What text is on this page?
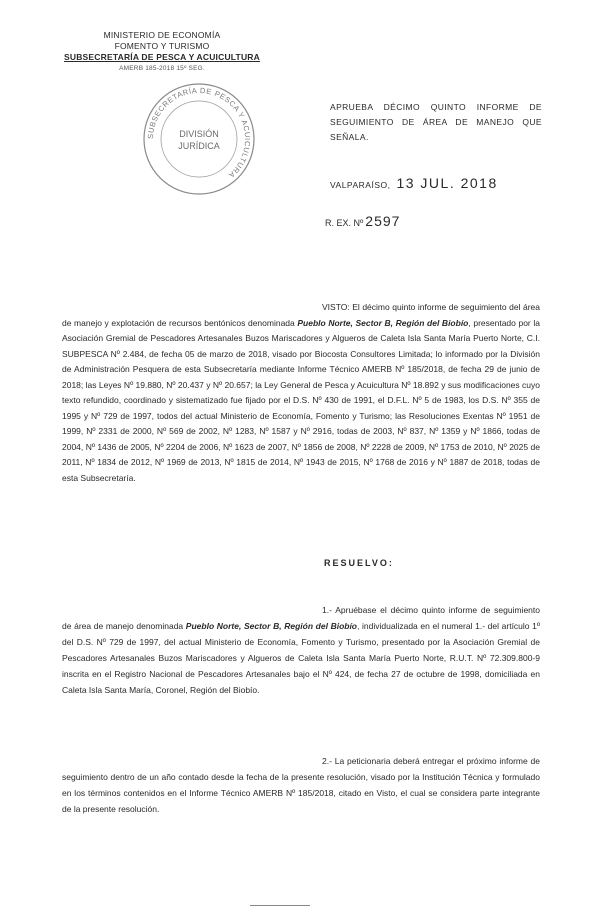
MINISTERIO DE ECONOMÍA
FOMENTO Y TURISMO
SUBSECRETARÍA DE PESCA Y ACUICULTURA
AMERB 185-2018 15º SEG.
SUBSECRETARÍA DE PESCA Y ACUICULTURA
DIVISIÓN
JURÍDICA
APRUEBA DÉCIMO QUINTO INFORME DE SEGUIMIENTO DE ÁREA DE MANEJO QUE SEÑALA.
VALPARAÍSO, 13 JUL. 2018
R. EX. Nº 2597
VISTO: El décimo quinto informe de seguimiento del área de manejo y explotación de recursos bentónicos denominada Pueblo Norte, Sector B, Región del Biobío, presentado por la Asociación Gremial de Pescadores Artesanales Buzos Mariscadores y Algueros de Caleta Isla Santa María Puerto Norte, C.I. SUBPESCA Nº 2.484, de fecha 05 de marzo de 2018, visado por Biocosta Consultores Limitada; lo informado por la División de Administración Pesquera de esta Subsecretaría mediante Informe Técnico AMERB Nº 185/2018, de fecha 29 de junio de 2018; las Leyes Nº 19.880, Nº 20.437 y Nº 20.657; la Ley General de Pesca y Acuicultura Nº 18.892 y sus modificaciones cuyo texto refundido, coordinado y sistematizado fue fijado por el D.S. Nº 430 de 1991, el D.F.L. Nº 5 de 1983, los D.S. Nº 355 de 1995 y Nº 729 de 1997, todos del actual Ministerio de Economía, Fomento y Turismo; las Resoluciones Exentas Nº 1951 de 1999, Nº 2331 de 2000, Nº 569 de 2002, Nº 1283, Nº 1587 y Nº 2916, todas de 2003, Nº 837, Nº 1359 y Nº 1866, todas de 2004, Nº 1436 de 2005, Nº 2204 de 2006, Nº 1623 de 2007, Nº 1856 de 2008, Nº 2228 de 2009, Nº 1753 de 2010, Nº 2025 de 2011, Nº 1834 de 2012, Nº 1969 de 2013, Nº 1815 de 2014, Nº 1943 de 2015, Nº 1768 de 2016 y Nº 1887 de 2018, todas de esta Subsecretaría.
RESUELVO:
1.- Apruébase el décimo quinto informe de seguimiento de área de manejo denominada Pueblo Norte, Sector B, Región del Biobío, individualizada en el numeral 1.- del artículo 1º del D.S. Nº 729 de 1997, del actual Ministerio de Economía, Fomento y Turismo, presentado por la Asociación Gremial de Pescadores Artesanales Buzos Mariscadores y Algueros de Caleta Isla Santa María Puerto Norte, R.U.T. Nº 72.309.800-9 inscrita en el Registro Nacional de Pescadores Artesanales bajo el Nº 424, de fecha 27 de octubre de 1998, domiciliada en Caleta Isla Santa María, Coronel, Región del Biobío.
2.- La peticionaria deberá entregar el próximo informe de seguimiento dentro de un año contado desde la fecha de la presente resolución, visado por la Institución Técnica y formulado en los términos contenidos en el Informe Técnico AMERB Nº 185/2018, citado en Visto, el cual se considera parte integrante de la presente resolución.
